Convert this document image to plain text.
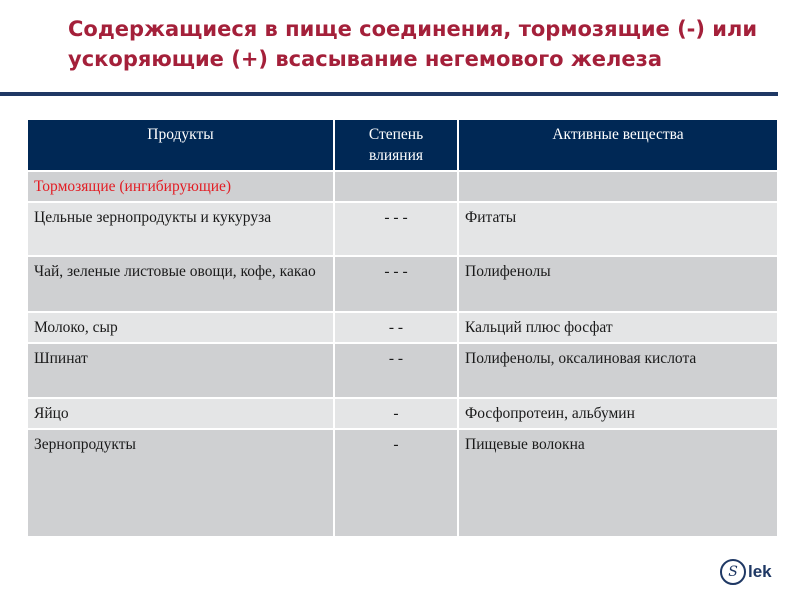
Содержащиеся в пище соединения, тормозящие (-) или ускоряющие (+) всасывание негемового железа
Продукты	Степень влияния	Активные вещества
Тормозящие (ингибирующие)		
Цельные зернопродукты и кукуруза	- - -	Фитаты
Чай, зеленые листовые овощи, кофе, какао	- - -	Полифенолы
Молоко, сыр	- -	Кальций плюс фосфат
Шпинат	- -	Полифенолы, оксалиновая кислота
Яйцо	-	Фосфопротеин, альбумин
Зернопродукты	-	Пищевые волокна
S lek
